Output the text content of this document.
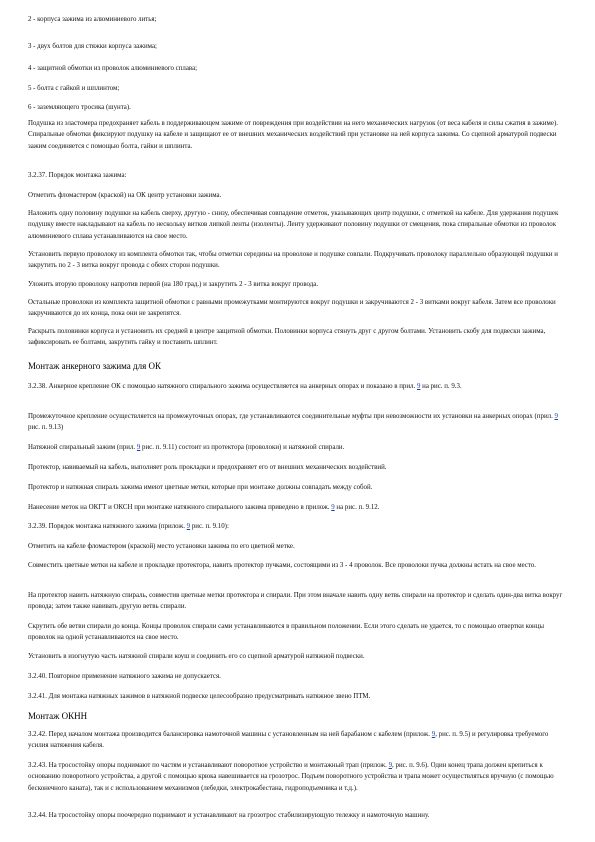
2 - корпуса зажима из алюминиевого литья;
3 - двух болтов для стяжки корпуса зажима;
4 - защитной обмотки из проволок алюминиевого сплава;
5 - болта с гайкой и шплинтом;
6 - заземляющего тросика (шунта).
Подушка из эластомера предохраняет кабель в поддерживающем зажиме от повреждения при воздействии на него механических нагрузок (от веса кабеля и силы сжатия в зажиме). Спиральные обмотки фиксируют подушку на кабеле и защищают ее от внешних механических воздействий при установке на ней корпуса зажима. Со сцепной арматурой подвески зажим соединяется с помощью болта, гайки и шплинта.
3.2.37. Порядок монтажа зажима:
Отметить фломастером (краской) на ОК центр установки зажима.
Наложить одну половину подушки на кабель сверху, другую - снизу, обеспечивая совпадение отметок, указывающих центр подушки, с отметкой на кабеле. Для удержания подушек подушку вместе накладывают на кабель по нескольку витков липкой ленты (изоленты). Ленту удерживают половину подушки от смещения, пока спиральные обмотки из проволок алюминиевого сплава устанавливаются на свое место.
Установить первую проволоку из комплекта обмотки так, чтобы отметки середины на проволоке и подушке совпали. Подкручивать проволоку параллельно образующей подушки и закрутить по 2 - 3 витка вокруг провода с обеих сторон подушки.
Уложить вторую проволоку напротив первой (на 180 град.) и закрутить 2 - 3 витка вокруг провода.
Остальные проволоки из комплекта защитной обмотки с равными промежутками монтируются вокруг подушки и закручиваются 2 - 3 витками вокруг кабеля. Затем все проволоки закручиваются до их конца, пока они не закрепятся.
Раскрыть половинки корпуса и установить их средней в центре защитной обмотки. Половинки корпуса стянуть друг с другом болтами. Установить скобу для подвески зажима, зафиксировать ее болтами, закрутить гайку и поставить шплинт.
Монтаж анкерного зажима для ОК
3.2.38. Анкерное крепление ОК с помощью натяжного спирального зажима осуществляется на анкерных опорах и показано в прил. 9 на рис. п. 9.3.
Промежуточное крепление осуществляется на промежуточных опорах, где устанавливаются соединительные муфты при невозможности их установки на анкерных опорах (прил. 9 рис. п. 9.13)
Натяжной спиральный зажим (прил. 9 рис. п. 9.11) состоит из протектора (проволоки) и натяжной спирали.
Протектор, навиваемый на кабель, выполняет роль прокладки и предохраняет его от внешних механических воздействий.
Протектор и натяжная спираль зажима имеют цветные метки, которые при монтаже должны совпадать между собой.
Нанесение меток на ОКГТ и ОКСН при монтаже натяжного спирального зажима приведено в прилож. 9 на рис. п. 9.12.
3.2.39. Порядок монтажа натяжного зажима (прилож. 9 рис. п. 9.10):
Отметить на кабеле фломастером (краской) место установки зажима по его цветной метке.
Совместить цветные метки на кабеле и прокладке протектора, навить протектор пучками, состоящими из 3 - 4 проволок. Все проволоки пучка должны встать на свое место.
На протектор навить натяжную спираль, совместив цветные метки протектора и спирали. При этом вначале навить одну ветвь спирали на протектор и сделать один-два витка вокруг провода; затем также навивать другую ветвь спирали.
Скрутить обе ветви спирали до конца. Концы проволок спирали сами устанавливаются в правильном положении. Если этого сделать не удается, то с помощью отвертки концы проволок на одной устанавливаются на свое место.
Установить в изогнутую часть натяжной спирали коуш и соединить его со сцепной арматурой натяжной подвески.
3.2.40. Повторное применение натяжного зажима не допускается.
3.2.41. Для монтажа натяжных зажимов в натяжной подвеске целесообразно предусматривать натяжное звено ПТМ.
Монтаж ОКНН
3.2.42. Перед началом монтажа производится балансировка намоточной машины с установленным на ней барабаном с кабелем (прилож. 9, рис. п. 9.5) и регулировка требуемого усилия натяжения кабеля.
3.2.43. На тросостойку опоры поднимают по частям и устанавливают поворотное устройство и монтажный трап (прилож. 9, рис. п. 9.6). Один конец трапа должен крепиться к основанию поворотного устройства, а другой с помощью крюка навешивается на грозотрос. Подъем поворотного устройства и трапа может осуществляться вручную (с помощью бесконечного каната), так и с использованием механизмов (лебедки, электрокабестана, гидроподъемника и т.д.).
3.2.44. На тросостойку опоры поочередно поднимают и устанавливают на грозотрос стабилизирующую тележку и намоточную машину.
